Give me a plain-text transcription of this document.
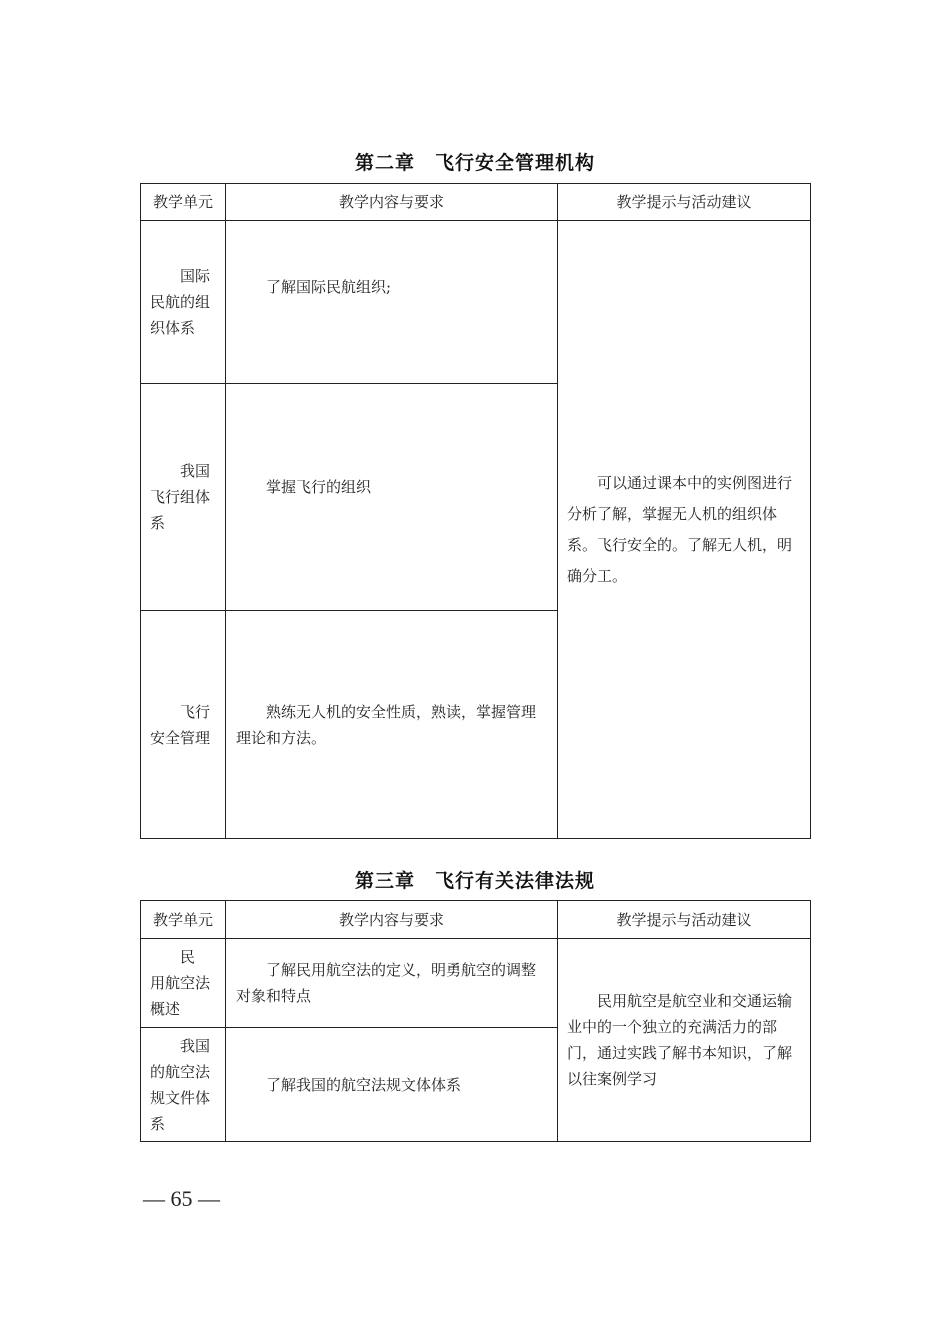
第二章　飞行安全管理机构
教学单元	教学内容与要求	教学提示与活动建议

国际民航的组织体系	了解国际民航组织;	可以通过课本中的实例图进行分析了解，掌握无人机的组织体系。飞行安全的。了解无人机，明确分工。

我国飞行组体系	掌握飞行的组织	

飞行安全管理	熟练无人机的安全性质，熟读，掌握管理理论和方法。	
第三章　飞行有关法律法规
教学单元	教学内容与要求	教学提示与活动建议

民　用航空法概述	了解民用航空法的定义，明勇航空的调整对象和特点	民用航空是航空业和交通运输业中的一个独立的充满活力的部门，通过实践了解书本知识，了解以往案例学习

我国的航空法规文件体系	了解我国的航空法规文体体系	
— 65 —
